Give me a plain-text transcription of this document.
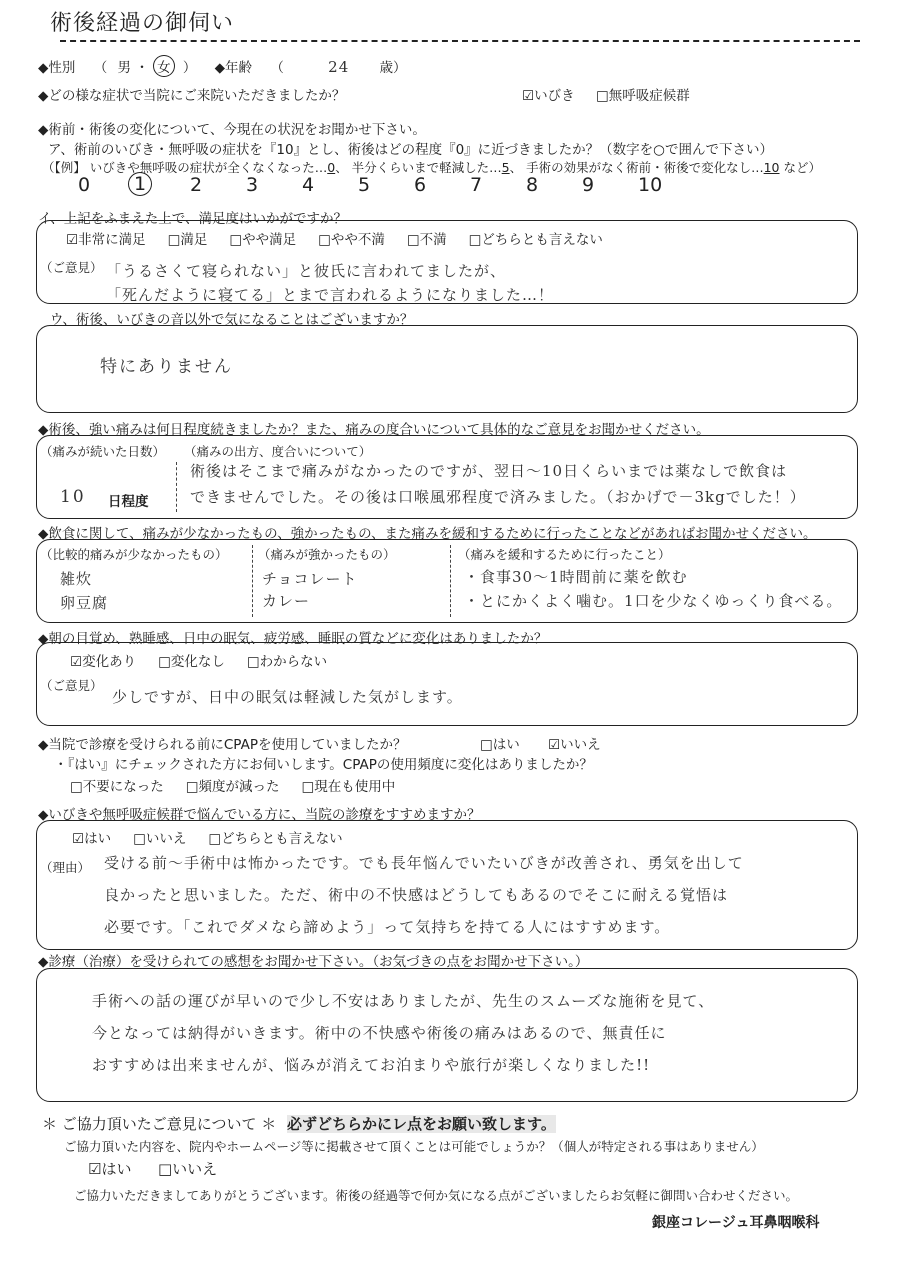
術後経過の御伺い
◆性別 （ 男 ・ 女 ） ◆年齢 （	24 歳）
◆どの様な症状で当院にご来院いただきましたか？	☑いびき □無呼吸症候群
◆術前・術後の変化について、今現在の状況をお聞かせ下さい。
ア、術前のいびき・無呼吸の症状を『10』とし、術後はどの程度『0』に近づきましたか？（数字を○で囲んで下さい）
（【例】 いびきや無呼吸の症状が全くなくなった…0、 半分くらいまで軽減した…5、 手術の効果がなく術前・術後で変化なし…10 など）
0	1	2 3 4 5 6 7 8 9 10
イ、上記をふまえた上で、満足度はいかがですか？
☑非常に満足 □満足 □やや満足 □やや不満 □不満 □どちらとも言えない
（ご意見） 「うるさくて寝られない」と彼氏に言われてましたが、
「死んだように寝てる」とまで言われるようになりました…！
ウ、術後、いびきの音以外で気になることはございますか？
特にありません
◆術後、強い痛みは何日程度続きましたか？また、痛みの度合いについて具体的なご意見をお聞かせください。
（痛みが続いた日数）
10 日程度
（痛みの出方、度合いについて）
術後はそこまで痛みがなかったのですが、翌日～10日くらいまでは薬なしで飲食は
できませんでした。その後は口喉風邪程度で済みました。（おかげで－3kgでした！）
◆飲食に関して、痛みが少なかったもの、強かったもの、また痛みを緩和するために行ったことなどがあればお聞かせください。
（比較的痛みが少なかったもの）
雑炊
卵豆腐
（痛みが強かったもの）
チョコレート
カレー
（痛みを緩和するために行ったこと）
・食事30～1時間前に薬を飲む
・とにかくよく噛む。1口を少なくゆっくり食べる。
◆朝の目覚め、熟睡感、日中の眠気、疲労感、睡眠の質などに変化はありましたか？
☑変化あり □変化なし □わからない
（ご意見）
少しですが、日中の眠気は軽減した気がします。
◆当院で診療を受けられる前にCPAPを使用していましたか？	□はい ☑いいえ
・『はい』にチェックされた方にお伺いします。CPAPの使用頻度に変化はありましたか？
□不要になった □頻度が減った □現在も使用中
◆いびきや無呼吸症候群で悩んでいる方に、当院の診療をすすめますか？
☑はい □いいえ □どちらとも言えない
（理由） 受ける前～手術中は怖かったです。でも長年悩んでいたいびきが改善され、勇気を出して
良かったと思いました。ただ、術中の不快感はどうしてもあるのでそこに耐える覚悟は
必要です。「これでダメなら諦めよう」って気持ちを持てる人にはすすめます。
◆診療（治療）を受けられての感想をお聞かせ下さい。（お気づきの点をお聞かせ下さい。）
手術への話の運びが早いので少し不安はありましたが、先生のスムーズな施術を見て、
今となっては納得がいきます。術中の不快感や術後の痛みはあるので、無責任に
おすすめは出来ませんが、悩みが消えてお泊まりや旅行が楽しくなりました!!
＊ ご協力頂いたご意見について ＊ 必ずどちらかにレ点をお願い致します。
ご協力頂いた内容を、院内やホームページ等に掲載させて頂くことは可能でしょうか？（個人が特定される事はありません）
☑はい □いいえ
ご協力いただきましてありがとうございます。術後の経過等で何か気になる点がございましたらお気軽に御問い合わせください。
銀座コレージュ耳鼻咽喉科
